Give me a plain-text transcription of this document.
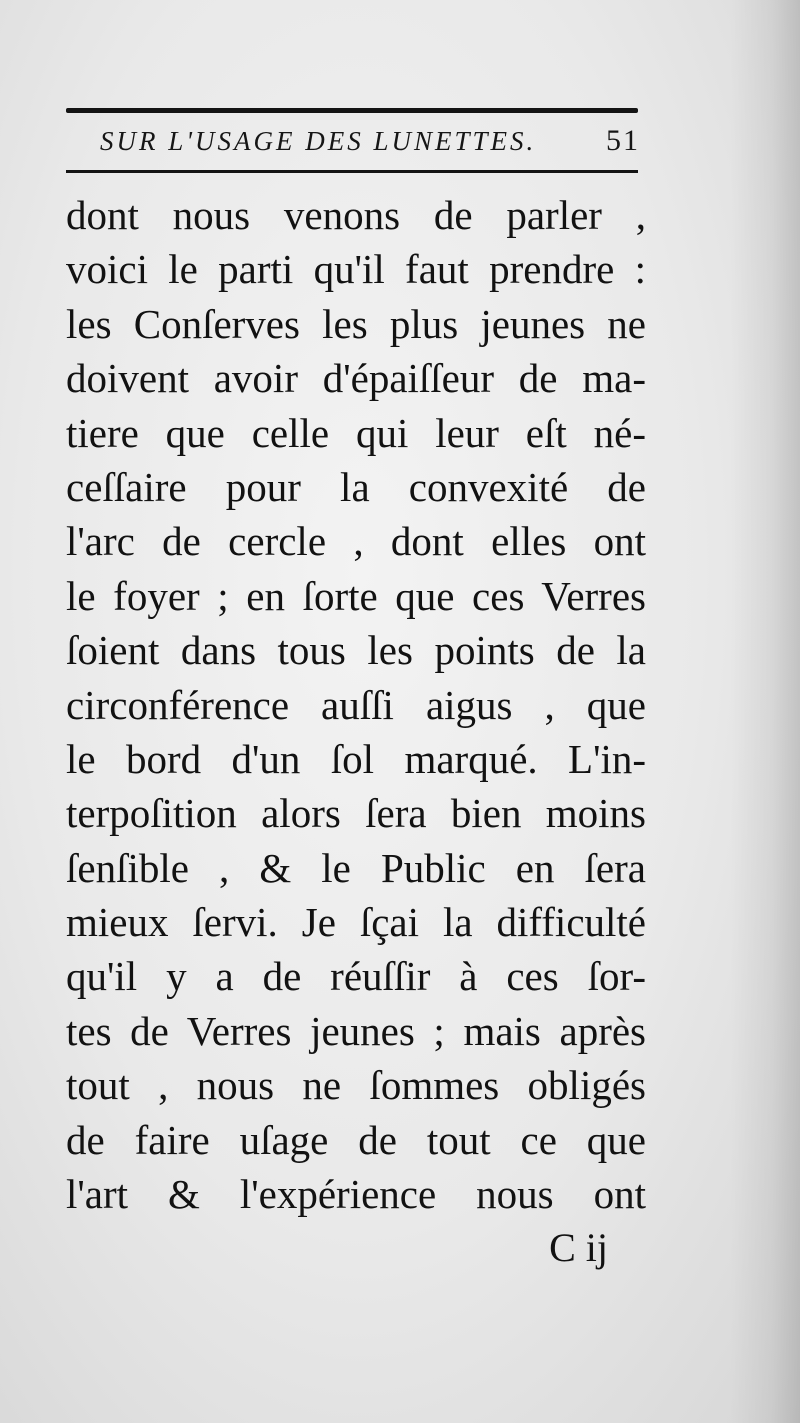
SUR L'USAGE DES LUNETTES.	51
dont nous venons de parler ,
voici le parti qu'il faut prendre :
les Conſerves les plus jeunes ne
doivent avoir d'épaiſſeur de ma-
tiere que celle qui leur eſt né-
ceſſaire pour la convexité de
l'arc de cercle , dont elles ont
le foyer ; en ſorte que ces Verres
ſoient dans tous les points de la
circonférence auſſi aigus , que
le bord d'un ſol marqué. L'in-
terpoſition alors ſera bien moins
ſenſible , & le Public en ſera
mieux ſervi. Je ſçai la difficulté
qu'il y a de réuſſir à ces ſor-
tes de Verres jeunes ; mais après
tout , nous ne ſommes obligés
de faire uſage de tout ce que
l'art & l'expérience nous ont
C ij
